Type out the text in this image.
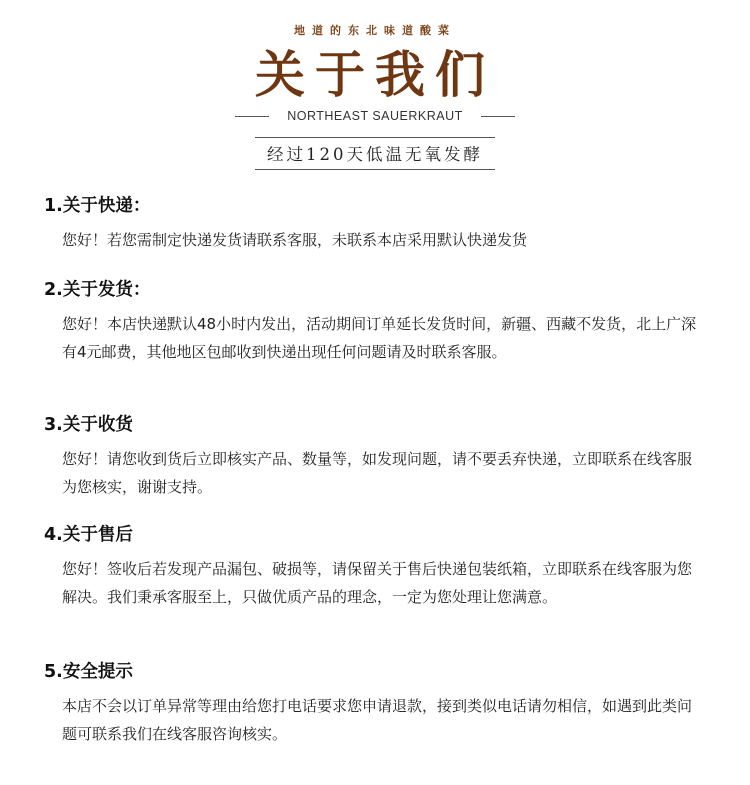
地道的东北味道酸菜
关于我们
NORTHEAST SAUERKRAUT
经过120天低温无氧发酵
1.关于快递：
您好！若您需制定快递发货请联系客服，未联系本店采用默认快递发货
2.关于发货：
您好！本店快递默认48小时内发出，活动期间订单延长发货时间，新疆、西藏不发货，北上广深有4元邮费，其他地区包邮收到快递出现任何问题请及时联系客服。
3.关于收货
您好！请您收到货后立即核实产品、数量等，如发现问题，请不要丢弃快递，立即联系在线客服为您核实，谢谢支持。
4.关于售后
您好！签收后若发现产品漏包、破损等，请保留关于售后快递包装纸箱，立即联系在线客服为您解决。我们秉承客服至上，只做优质产品的理念，一定为您处理让您满意。
5.安全提示
本店不会以订单异常等理由给您打电话要求您申请退款，接到类似电话请勿相信，如遇到此类问题可联系我们在线客服咨询核实。
